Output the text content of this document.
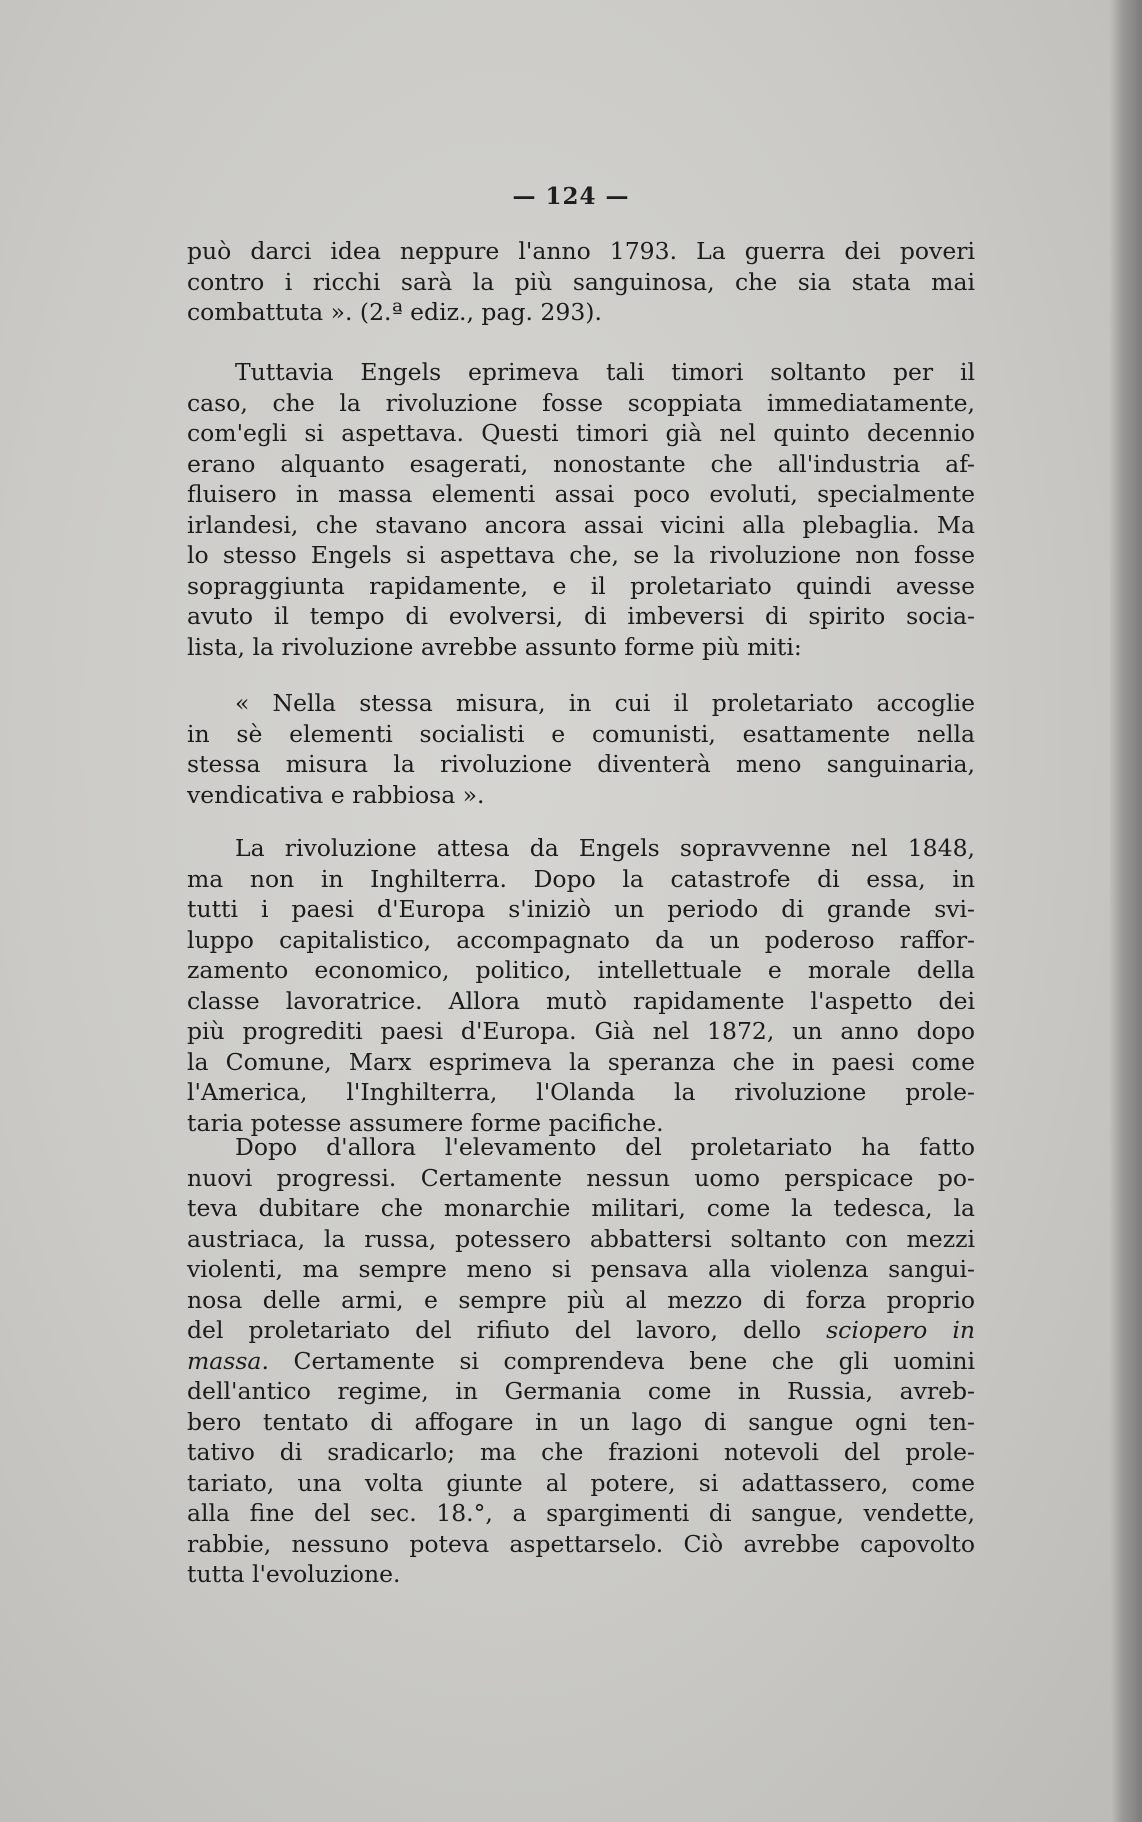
— 124 —
può darci idea neppure l'anno 1793. La guerra dei poveri
contro i ricchi sarà la più sanguinosa, che sia stata mai
combattuta ». (2.ª ediz., pag. 293).
Tuttavia Engels eprimeva tali timori soltanto per il
caso, che la rivoluzione fosse scoppiata immediatamente,
com'egli si aspettava. Questi timori già nel quinto decennio
erano alquanto esagerati, nonostante che all'industria af-
fluisero in massa elementi assai poco evoluti, specialmente
irlandesi, che stavano ancora assai vicini alla plebaglia. Ma
lo stesso Engels si aspettava che, se la rivoluzione non fosse
sopraggiunta rapidamente, e il proletariato quindi avesse
avuto il tempo di evolversi, di imbeversi di spirito socia-
lista, la rivoluzione avrebbe assunto forme più miti:
« Nella stessa misura, in cui il proletariato accoglie
in sè elementi socialisti e comunisti, esattamente nella
stessa misura la rivoluzione diventerà meno sanguinaria,
vendicativa e rabbiosa ».
La rivoluzione attesa da Engels sopravvenne nel 1848,
ma non in Inghilterra. Dopo la catastrofe di essa, in
tutti i paesi d'Europa s'iniziò un periodo di grande svi-
luppo capitalistico, accompagnato da un poderoso raffor-
zamento economico, politico, intellettuale e morale della
classe lavoratrice. Allora mutò rapidamente l'aspetto dei
più progrediti paesi d'Europa. Già nel 1872, un anno dopo
la Comune, Marx esprimeva la speranza che in paesi come
l'America, l'Inghilterra, l'Olanda la rivoluzione prole-
taria potesse assumere forme pacifiche.
Dopo d'allora l'elevamento del proletariato ha fatto
nuovi progressi. Certamente nessun uomo perspicace po-
teva dubitare che monarchie militari, come la tedesca, la
austriaca, la russa, potessero abbattersi soltanto con mezzi
violenti, ma sempre meno si pensava alla violenza sangui-
nosa delle armi, e sempre più al mezzo di forza proprio
del proletariato del rifiuto del lavoro, dello sciopero in
massa. Certamente si comprendeva bene che gli uomini
dell'antico regime, in Germania come in Russia, avreb-
bero tentato di affogare in un lago di sangue ogni ten-
tativo di sradicarlo; ma che frazioni notevoli del prole-
tariato, una volta giunte al potere, si adattassero, come
alla fine del sec. 18.°, a spargimenti di sangue, vendette,
rabbie, nessuno poteva aspettarselo. Ciò avrebbe capovolto
tutta l'evoluzione.
